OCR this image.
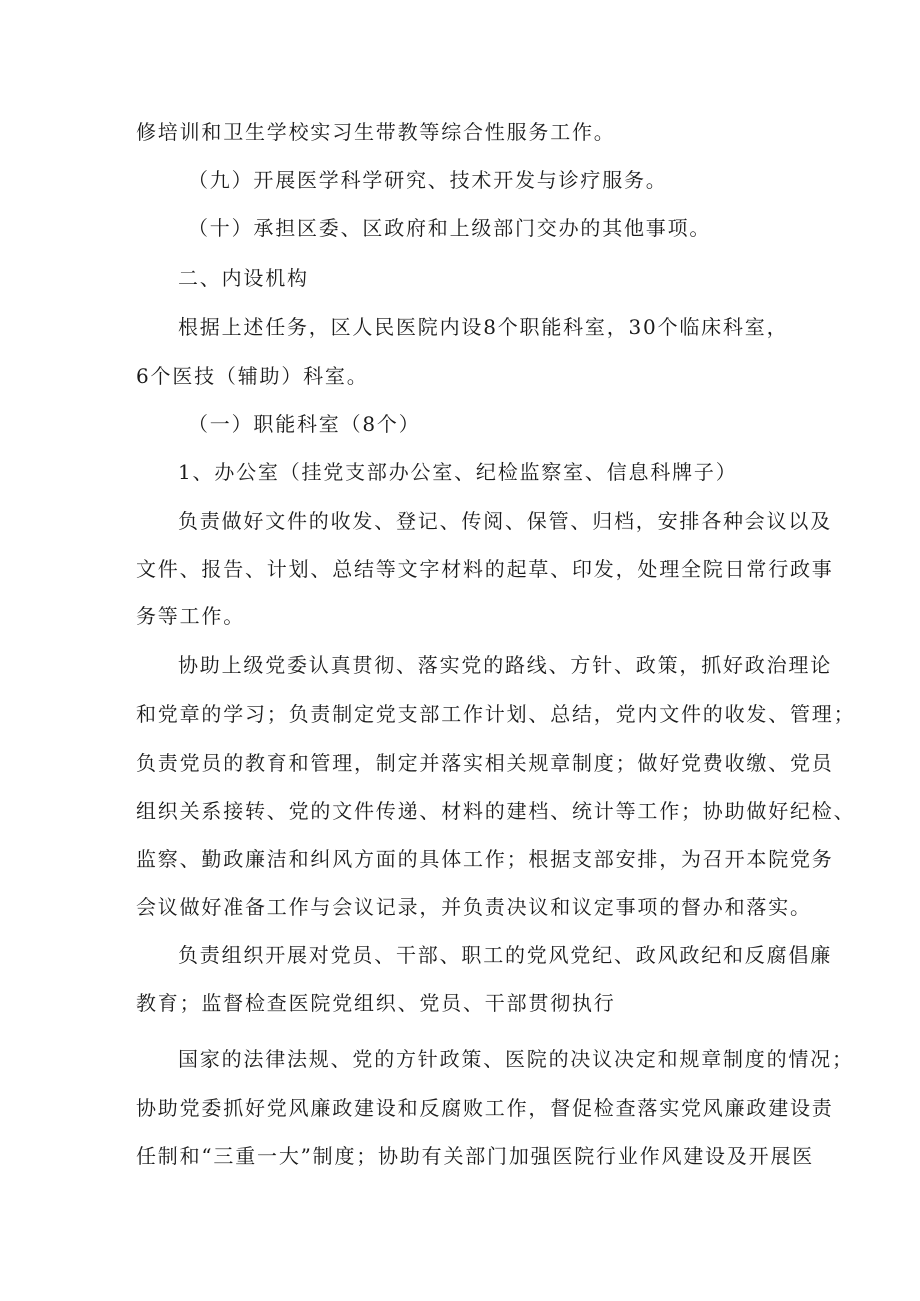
修培训和卫生学校实习生带教等综合性服务工作。
（九）开展医学科学研究、技术开发与诊疗服务。
（十）承担区委、区政府和上级部门交办的其他事项。
二、内设机构
根据上述任务，区人民医院内设8个职能科室，30个临床科室，
6个医技（辅助）科室。
（一）职能科室（8个）
1、办公室（挂党支部办公室、纪检监察室、信息科牌子）
负责做好文件的收发、登记、传阅、保管、归档，安排各种会议以及
文件、报告、计划、总结等文字材料的起草、印发，处理全院日常行政事
务等工作。
协助上级党委认真贯彻、落实党的路线、方针、政策，抓好政治理论
和党章的学习；负责制定党支部工作计划、总结，党内文件的收发、管理；
负责党员的教育和管理，制定并落实相关规章制度；做好党费收缴、党员
组织关系接转、党的文件传递、材料的建档、统计等工作；协助做好纪检、
监察、勤政廉洁和纠风方面的具体工作；根据支部安排，为召开本院党务
会议做好准备工作与会议记录，并负责决议和议定事项的督办和落实。
负责组织开展对党员、干部、职工的党风党纪、政风政纪和反腐倡廉
教育；监督检查医院党组织、党员、干部贯彻执行
国家的法律法规、党的方针政策、医院的决议决定和规章制度的情况；
协助党委抓好党风廉政建设和反腐败工作，督促检查落实党风廉政建设责
任制和“三重一大”制度；协助有关部门加强医院行业作风建设及开展医
